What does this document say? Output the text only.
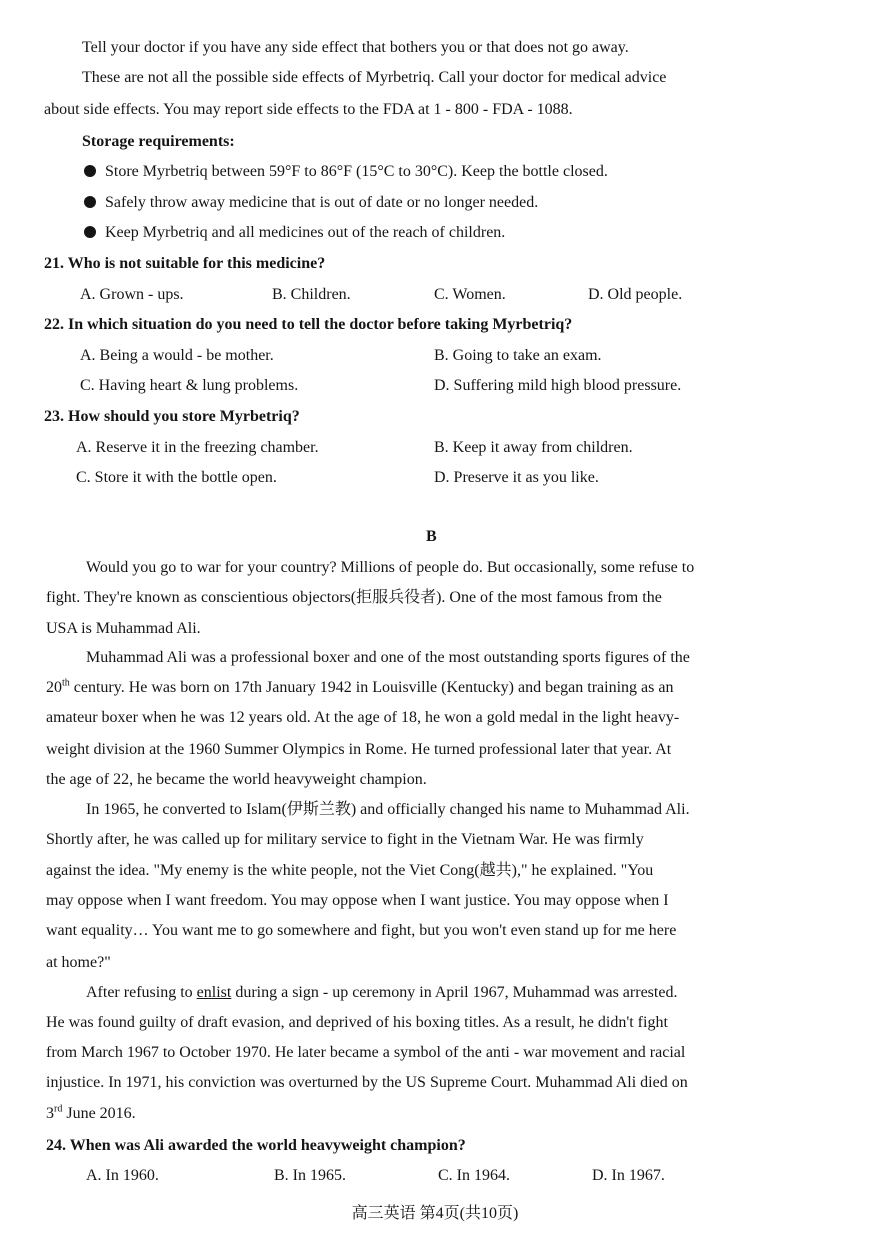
Tell your doctor if you have any side effect that bothers you or that does not go away.
These are not all the possible side effects of Myrbetriq. Call your doctor for medical advice
about side effects. You may report side effects to the FDA at 1 - 800 - FDA - 1088.
Storage requirements:
Store Myrbetriq between 59°F to 86°F (15°C to 30°C). Keep the bottle closed.
Safely throw away medicine that is out of date or no longer needed.
Keep Myrbetriq and all medicines out of the reach of children.
21. Who is not suitable for this medicine?
A. Grown - ups.	B. Children.	C. Women.	D. Old people.
22. In which situation do you need to tell the doctor before taking Myrbetriq?
A. Being a would - be mother.	B. Going to take an exam.
C. Having heart & lung problems.	D. Suffering mild high blood pressure.
23. How should you store Myrbetriq?
A. Reserve it in the freezing chamber.	B. Keep it away from children.
C. Store it with the bottle open.	D. Preserve it as you like.
B
Would you go to war for your country? Millions of people do. But occasionally, some refuse to
fight. They're known as conscientious objectors(拒服兵役者). One of the most famous from the
USA is Muhammad Ali.
Muhammad Ali was a professional boxer and one of the most outstanding sports figures of the
20th century. He was born on 17th January 1942 in Louisville (Kentucky) and began training as an
amateur boxer when he was 12 years old. At the age of 18, he won a gold medal in the light heavy-
weight division at the 1960 Summer Olympics in Rome. He turned professional later that year. At
the age of 22, he became the world heavyweight champion.
In 1965, he converted to Islam(伊斯兰教) and officially changed his name to Muhammad Ali.
Shortly after, he was called up for military service to fight in the Vietnam War. He was firmly
against the idea. "My enemy is the white people, not the Viet Cong(越共)," he explained. "You
may oppose when I want freedom. You may oppose when I want justice. You may oppose when I
want equality… You want me to go somewhere and fight, but you won't even stand up for me here
at home?"
After refusing to enlist during a sign - up ceremony in April 1967, Muhammad was arrested.
He was found guilty of draft evasion, and deprived of his boxing titles. As a result, he didn't fight
from March 1967 to October 1970. He later became a symbol of the anti - war movement and racial
injustice. In 1971, his conviction was overturned by the US Supreme Court. Muhammad Ali died on
3rd June 2016.
24. When was Ali awarded the world heavyweight champion?
A. In 1960.	B. In 1965.	C. In 1964.	D. In 1967.
高三英语 第4页(共10页)
